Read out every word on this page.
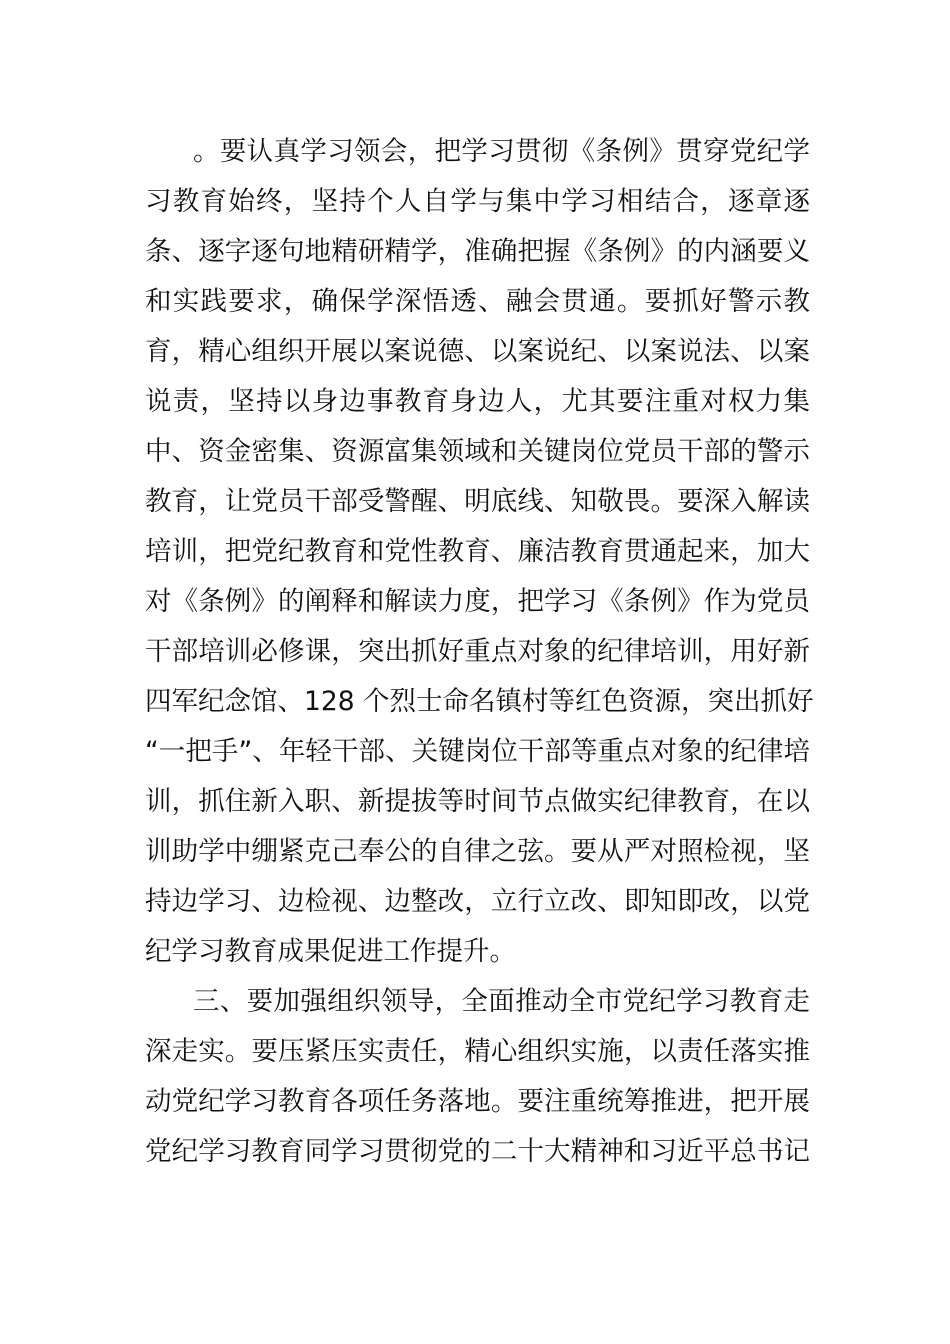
。要认真学习领会，把学习贯彻《条例》贯穿党纪学
习教育始终，坚持个人自学与集中学习相结合，逐章逐
条、逐字逐句地精研精学，准确把握《条例》的内涵要义
和实践要求，确保学深悟透、融会贯通。要抓好警示教
育，精心组织开展以案说德、以案说纪、以案说法、以案
说责，坚持以身边事教育身边人，尤其要注重对权力集
中、资金密集、资源富集领域和关键岗位党员干部的警示
教育，让党员干部受警醒、明底线、知敬畏。要深入解读
培训，把党纪教育和党性教育、廉洁教育贯通起来，加大
对《条例》的阐释和解读力度，把学习《条例》作为党员
干部培训必修课，突出抓好重点对象的纪律培训，用好新
四军纪念馆、128 个烈士命名镇村等红色资源，突出抓好
“一把手”、年轻干部、关键岗位干部等重点对象的纪律培
训，抓住新入职、新提拔等时间节点做实纪律教育，在以
训助学中绷紧克己奉公的自律之弦。要从严对照检视，坚
持边学习、边检视、边整改，立行立改、即知即改，以党
纪学习教育成果促进工作提升。
三、要加强组织领导，全面推动全市党纪学习教育走
深走实。要压紧压实责任，精心组织实施，以责任落实推
动党纪学习教育各项任务落地。要注重统筹推进，把开展
党纪学习教育同学习贯彻党的二十大精神和习近平总书记
